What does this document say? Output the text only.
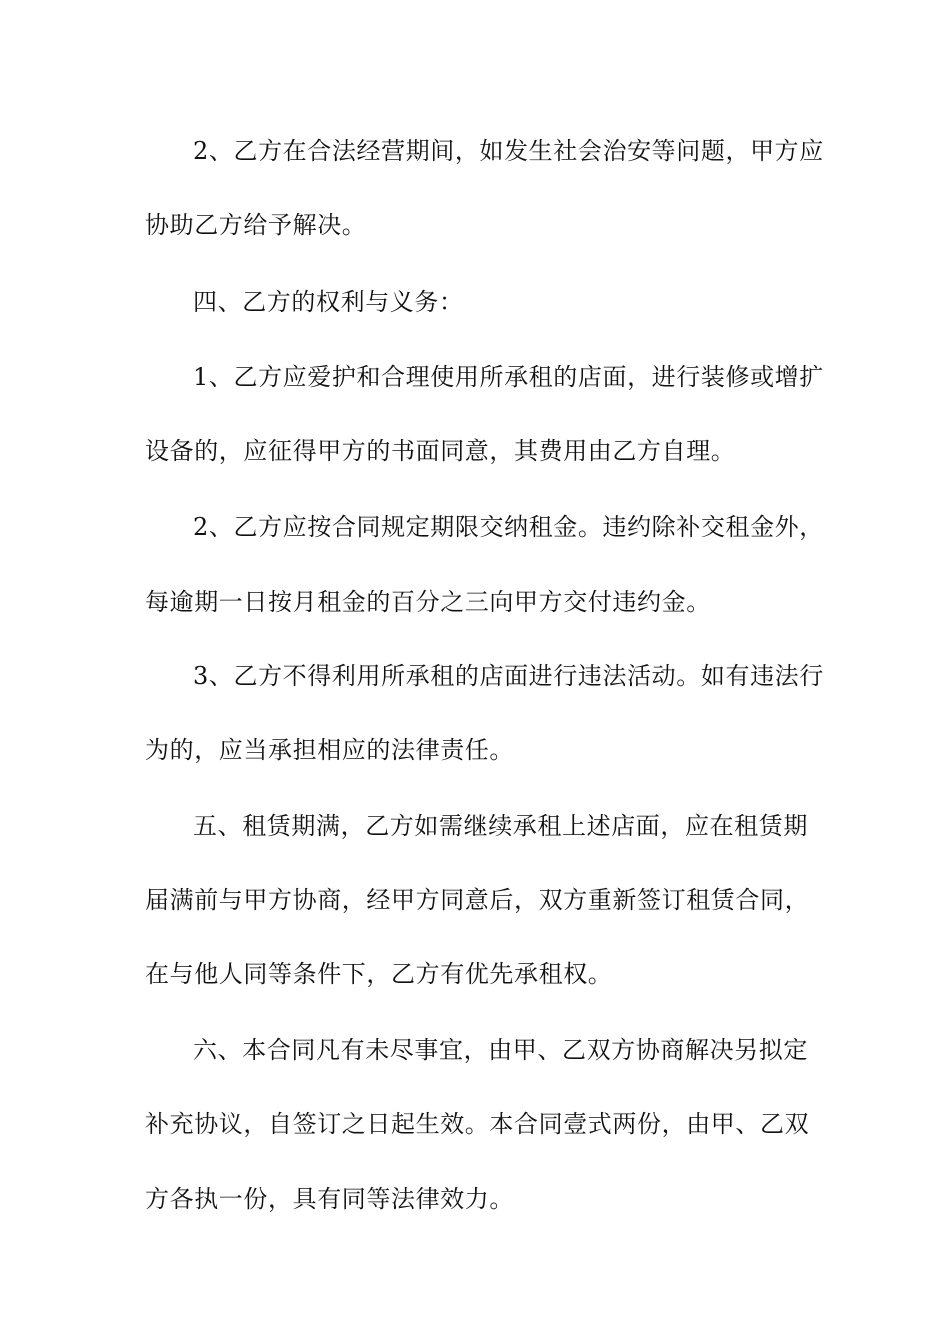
2、乙方在合法经营期间，如发生社会治安等问题，甲方应
协助乙方给予解决。
四、乙方的权利与义务：
1、乙方应爱护和合理使用所承租的店面，进行装修或增扩
设备的，应征得甲方的书面同意，其费用由乙方自理。
2、乙方应按合同规定期限交纳租金。违约除补交租金外，
每逾期一日按月租金的百分之三向甲方交付违约金。
3、乙方不得利用所承租的店面进行违法活动。如有违法行
为的，应当承担相应的法律责任。
五、租赁期满，乙方如需继续承租上述店面，应在租赁期
届满前与甲方协商，经甲方同意后，双方重新签订租赁合同，
在与他人同等条件下，乙方有优先承租权。
六、本合同凡有未尽事宜，由甲、乙双方协商解决另拟定
补充协议，自签订之日起生效。本合同壹式两份，由甲、乙双
方各执一份，具有同等法律效力。
